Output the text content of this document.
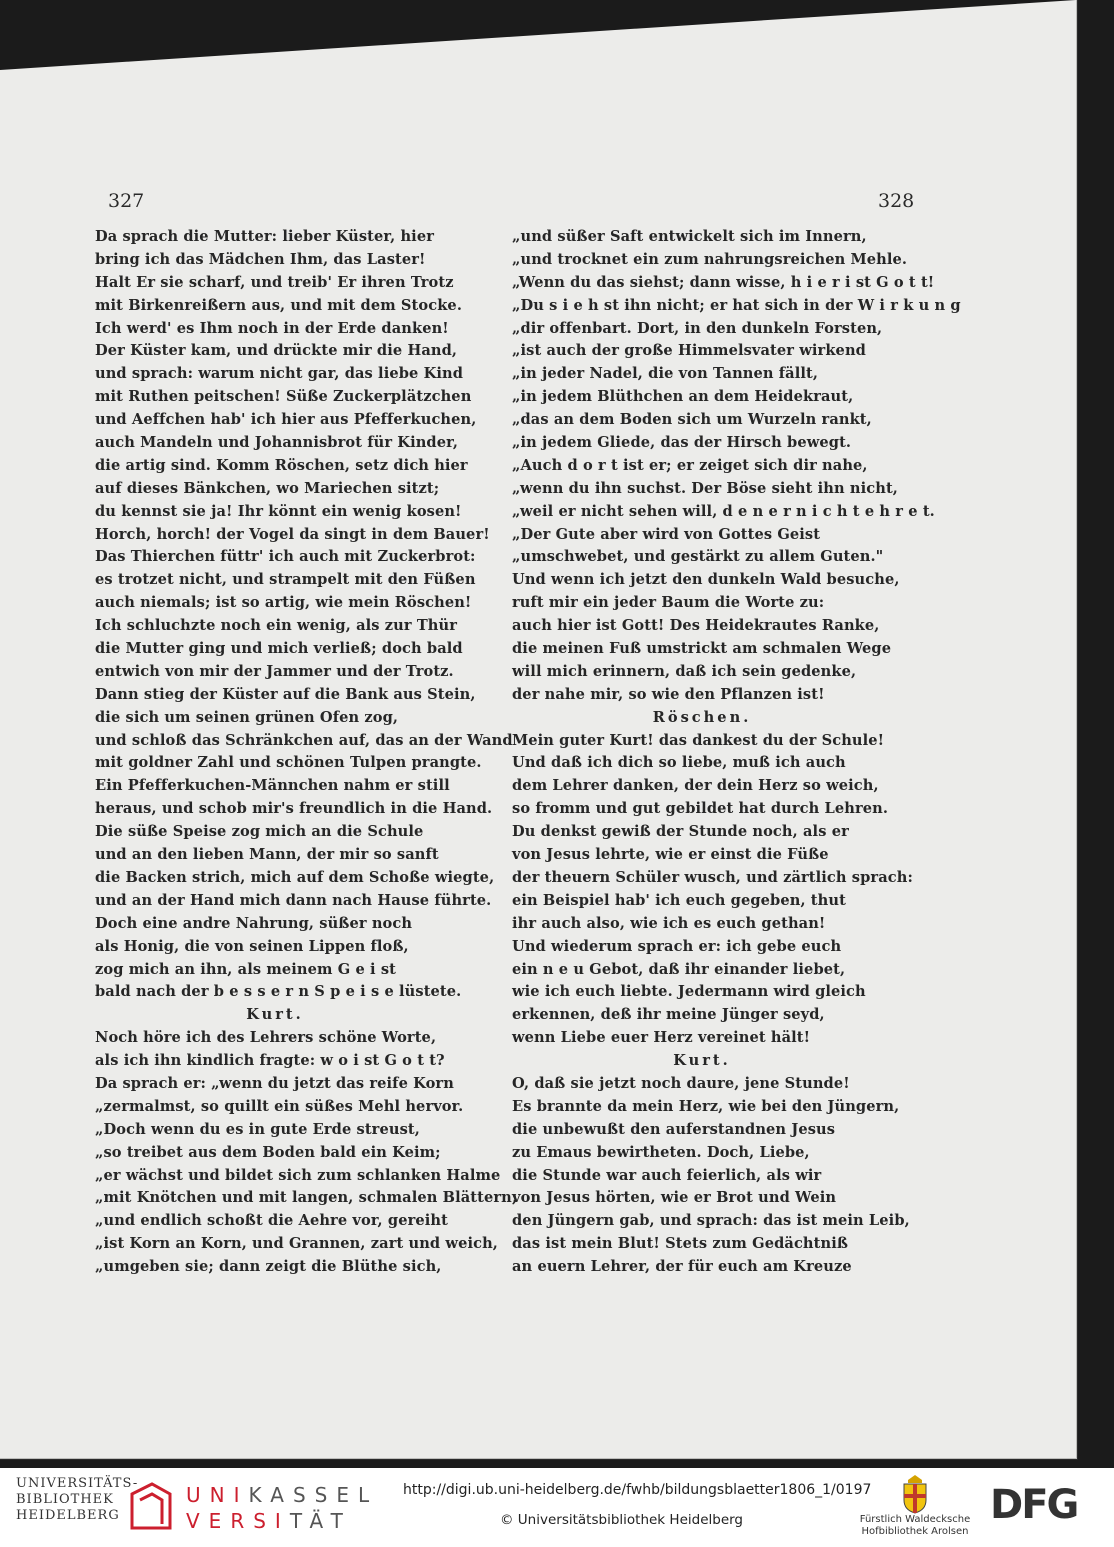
327	328
Da sprach die Mutter: lieber Küster, hier
bring ich das Mädchen Ihm, das Laster!
Halt Er sie scharf, und treib' Er ihren Trotz
mit Birkenreißern aus, und mit dem Stocke.
Ich werd' es Ihm noch in der Erde danken!
Der Küster kam, und drückte mir die Hand,
und sprach: warum nicht gar, das liebe Kind
mit Ruthen peitschen! Süße Zuckerplätzchen
und Aeffchen hab' ich hier aus Pfefferkuchen,
auch Mandeln und Johannisbrot für Kinder,
die artig sind. Komm Röschen, setz dich hier
auf dieses Bänkchen, wo Mariechen sitzt;
du kennst sie ja! Ihr könnt ein wenig kosen!
Horch, horch! der Vogel da singt in dem Bauer!
Das Thierchen füttr' ich auch mit Zuckerbrot:
es trotzet nicht, und strampelt mit den Füßen
auch niemals; ist so artig, wie mein Röschen!
Ich schluchzte noch ein wenig, als zur Thür
die Mutter ging und mich verließ; doch bald
entwich von mir der Jammer und der Trotz.
Dann stieg der Küster auf die Bank aus Stein,
die sich um seinen grünen Ofen zog,
und schloß das Schränkchen auf, das an der Wand
mit goldner Zahl und schönen Tulpen prangte.
Ein Pfefferkuchen-Männchen nahm er still
heraus, und schob mir's freundlich in die Hand.
Die süße Speise zog mich an die Schule
und an den lieben Mann, der mir so sanft
die Backen strich, mich auf dem Schoße wiegte,
und an der Hand mich dann nach Hause führte.
Doch eine andre Nahrung, süßer noch
als Honig, die von seinen Lippen floß,
zog mich an ihn, als meinem G e i st
bald nach der b e s s e r n S p e i s e lüstete.
Kurt.
Noch höre ich des Lehrers schöne Worte,
als ich ihn kindlich fragte: w o i st G o t t?
Da sprach er: „wenn du jetzt das reife Korn
„zermalmst, so quillt ein süßes Mehl hervor.
„Doch wenn du es in gute Erde streust,
„so treibet aus dem Boden bald ein Keim;
„er wächst und bildet sich zum schlanken Halme
„mit Knötchen und mit langen, schmalen Blättern;
„und endlich schoßt die Aehre vor, gereiht
„ist Korn an Korn, und Grannen, zart und weich,
„umgeben sie; dann zeigt die Blüthe sich,
„und süßer Saft entwickelt sich im Innern,
„und trocknet ein zum nahrungsreichen Mehle.
„Wenn du das siehst; dann wisse, h i e r i st G o t t!
„Du s i e h st ihn nicht; er hat sich in der W i r k u n g
„dir offenbart. Dort, in den dunkeln Forsten,
„ist auch der große Himmelsvater wirkend
„in jeder Nadel, die von Tannen fällt,
„in jedem Blüthchen an dem Heidekraut,
„das an dem Boden sich um Wurzeln rankt,
„in jedem Gliede, das der Hirsch bewegt.
„Auch d o r t ist er; er zeiget sich dir nahe,
„wenn du ihn suchst. Der Böse sieht ihn nicht,
„weil er nicht sehen will, d e n e r n i c h t e h r e t.
„Der Gute aber wird von Gottes Geist
„umschwebet, und gestärkt zu allem Guten."
Und wenn ich jetzt den dunkeln Wald besuche,
ruft mir ein jeder Baum die Worte zu:
auch hier ist Gott! Des Heidekrautes Ranke,
die meinen Fuß umstrickt am schmalen Wege
will mich erinnern, daß ich sein gedenke,
der nahe mir, so wie den Pflanzen ist!
Röschen.
Mein guter Kurt! das dankest du der Schule!
Und daß ich dich so liebe, muß ich auch
dem Lehrer danken, der dein Herz so weich,
so fromm und gut gebildet hat durch Lehren.
Du denkst gewiß der Stunde noch, als er
von Jesus lehrte, wie er einst die Füße
der theuern Schüler wusch, und zärtlich sprach:
ein Beispiel hab' ich euch gegeben, thut
ihr auch also, wie ich es euch gethan!
Und wiederum sprach er: ich gebe euch
ein n e u Gebot, daß ihr einander liebet,
wie ich euch liebte. Jedermann wird gleich
erkennen, deß ihr meine Jünger seyd,
wenn Liebe euer Herz vereinet hält!
Kurt.
O, daß sie jetzt noch daure, jene Stunde!
Es brannte da mein Herz, wie bei den Jüngern,
die unbewußt den auferstandnen Jesus
zu Emaus bewirtheten. Doch, Liebe,
die Stunde war auch feierlich, als wir
von Jesus hörten, wie er Brot und Wein
den Jüngern gab, und sprach: das ist mein Leib,
das ist mein Blut! Stets zum Gedächtniß
an euern Lehrer, der für euch am Kreuze
UNIVERSITÄTS-
BIBLIOTHEK
HEIDELBERG
UNIKASSEL
VERSITÄT
http://digi.ub.uni-heidelberg.de/fwhb/bildungsblaetter1806_1/0197
© Universitätsbibliothek Heidelberg	Fürstlich Waldecksche
Hofbibliothek Arolsen
DFG
